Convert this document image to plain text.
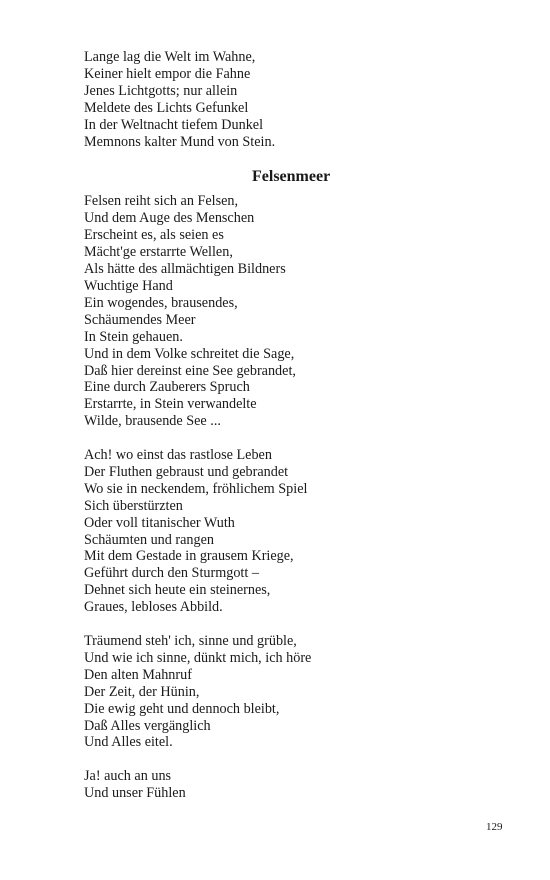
Lange lag die Welt im Wahne,
Keiner hielt empor die Fahne
Jenes Lichtgotts; nur allein
Meldete des Lichts Gefunkel
In der Weltnacht tiefem Dunkel
Memnons kalter Mund von Stein.
Felsenmeer
Felsen reiht sich an Felsen,
Und dem Auge des Menschen
Erscheint es, als seien es
Mächt'ge erstarrte Wellen,
Als hätte des allmächtigen Bildners
Wuchtige Hand
Ein wogendes, brausendes,
Schäumendes Meer
In Stein gehauen.
Und in dem Volke schreitet die Sage,
Daß hier dereinst eine See gebrandet,
Eine durch Zauberers Spruch
Erstarrte, in Stein verwandelte
Wilde, brausende See ...
Ach! wo einst das rastlose Leben
Der Fluthen gebraust und gebrandet
Wo sie in neckendem, fröhlichem Spiel
Sich überstürzten
Oder voll titanischer Wuth
Schäumten und rangen
Mit dem Gestade in grausem Kriege,
Geführt durch den Sturmgott –
Dehnet sich heute ein steinernes,
Graues, lebloses Abbild.
Träumend steh' ich, sinne und grüble,
Und wie ich sinne, dünkt mich, ich höre
Den alten Mahnruf
Der Zeit, der Hünin,
Die ewig geht und dennoch bleibt,
Daß Alles vergänglich
Und Alles eitel.
Ja! auch an uns
Und unser Fühlen
129
